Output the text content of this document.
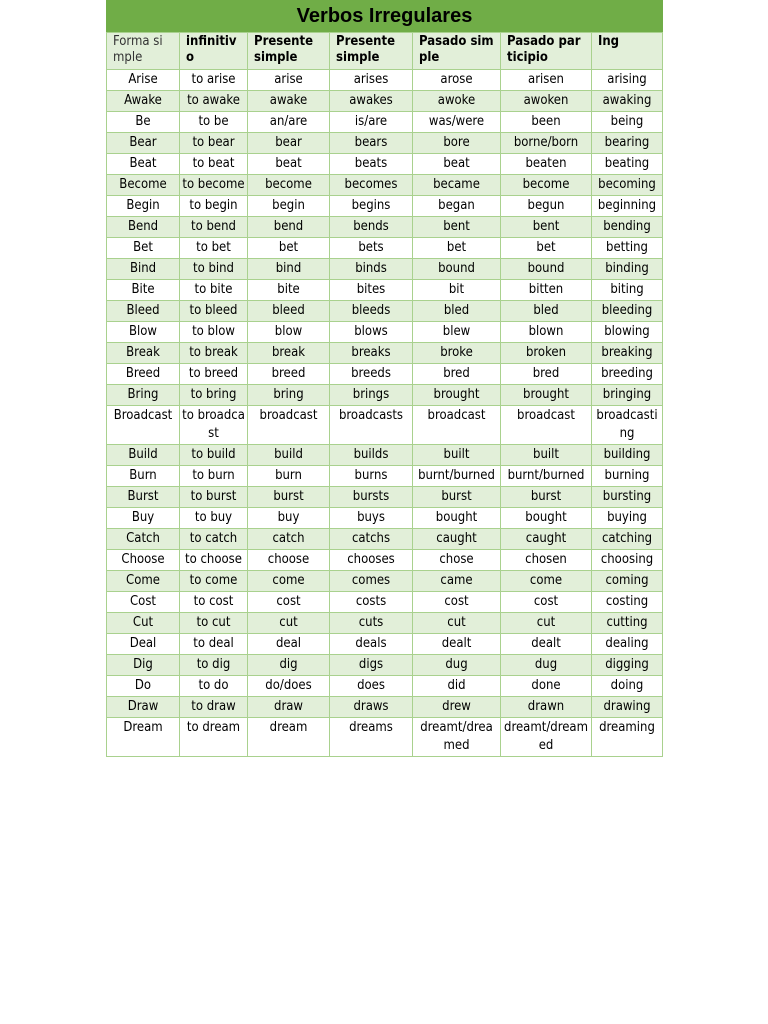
Verbos Irregulares
Forma simple	infinitivo	Presente simple	Presente simple	Pasado simple	Pasado participio	Ing
Arise	to arise	arise	arises	arose	arisen	arising
Awake	to awake	awake	awakes	awoke	awoken	awaking
Be	to be	an/are	is/are	was/were	been	being
Bear	to bear	bear	bears	bore	borne/born	bearing
Beat	to beat	beat	beats	beat	beaten	beating
Become	to become	become	becomes	became	become	becoming
Begin	to begin	begin	begins	began	begun	beginning
Bend	to bend	bend	bends	bent	bent	bending
Bet	to bet	bet	bets	bet	bet	betting
Bind	to bind	bind	binds	bound	bound	binding
Bite	to bite	bite	bites	bit	bitten	biting
Bleed	to bleed	bleed	bleeds	bled	bled	bleeding
Blow	to blow	blow	blows	blew	blown	blowing
Break	to break	break	breaks	broke	broken	breaking
Breed	to breed	breed	breeds	bred	bred	breeding
Bring	to bring	bring	brings	brought	brought	bringing
Broadcast	to broadcast	broadcast	broadcasts	broadcast	broadcast	broadcasting
Build	to build	build	builds	built	built	building
Burn	to burn	burn	burns	burnt/burned	burnt/burned	burning
Burst	to burst	burst	bursts	burst	burst	bursting
Buy	to buy	buy	buys	bought	bought	buying
Catch	to catch	catch	catchs	caught	caught	catching
Choose	to choose	choose	chooses	chose	chosen	choosing
Come	to come	come	comes	came	come	coming
Cost	to cost	cost	costs	cost	cost	costing
Cut	to cut	cut	cuts	cut	cut	cutting
Deal	to deal	deal	deals	dealt	dealt	dealing
Dig	to dig	dig	digs	dug	dug	digging
Do	to do	do/does	does	did	done	doing
Draw	to draw	draw	draws	drew	drawn	drawing
Dream	to dream	dream	dreams	dreamt/dreamed	dreamt/dreamed	dreaming
